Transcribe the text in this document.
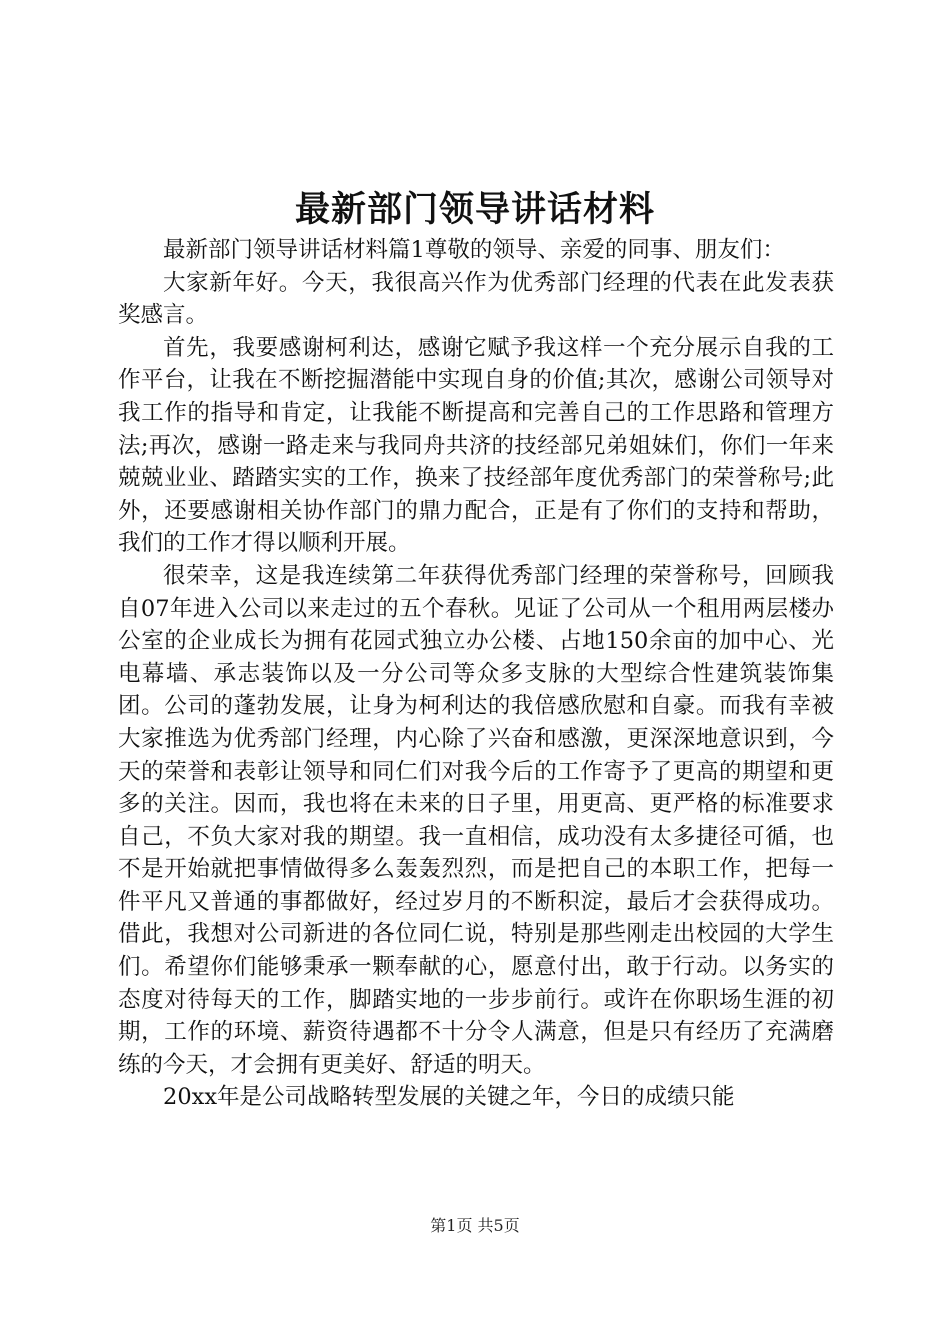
最新部门领导讲话材料

最新部门领导讲话材料篇1尊敬的领导、亲爱的同事、朋友们：

大家新年好。今天，我很高兴作为优秀部门经理的代表在此发表获奖感言。

首先，我要感谢柯利达，感谢它赋予我这样一个充分展示自我的工作平台，让我在不断挖掘潜能中实现自身的价值;其次，感谢公司领导对我工作的指导和肯定，让我能不断提高和完善自己的工作思路和管理方法;再次，感谢一路走来与我同舟共济的技经部兄弟姐妹们，你们一年来兢兢业业、踏踏实实的工作，换来了技经部年度优秀部门的荣誉称号;此外，还要感谢相关协作部门的鼎力配合，正是有了你们的支持和帮助，我们的工作才得以顺利开展。

很荣幸，这是我连续第二年获得优秀部门经理的荣誉称号，回顾我自07年进入公司以来走过的五个春秋。见证了公司从一个租用两层楼办公室的企业成长为拥有花园式独立办公楼、占地150余亩的加中心、光电幕墙、承志装饰以及一分公司等众多支脉的大型综合性建筑装饰集团。公司的蓬勃发展，让身为柯利达的我倍感欣慰和自豪。而我有幸被大家推选为优秀部门经理，内心除了兴奋和感激，更深深地意识到，今天的荣誉和表彰让领导和同仁们对我今后的工作寄予了更高的期望和更多的关注。因而，我也将在未来的日子里，用更高、更严格的标准要求自己，不负大家对我的期望。我一直相信，成功没有太多捷径可循，也不是开始就把事情做得多么轰轰烈烈，而是把自己的本职工作，把每一件平凡又普通的事都做好，经过岁月的不断积淀，最后才会获得成功。借此，我想对公司新进的各位同仁说，特别是那些刚走出校园的大学生们。希望你们能够秉承一颗奉献的心，愿意付出，敢于行动。以务实的态度对待每天的工作，脚踏实地的一步步前行。或许在你职场生涯的初期，工作的环境、薪资待遇都不十分令人满意，但是只有经历了充满磨练的今天，才会拥有更美好、舒适的明天。

20xx年是公司战略转型发展的关键之年，今日的成绩只能

第1页 共5页
